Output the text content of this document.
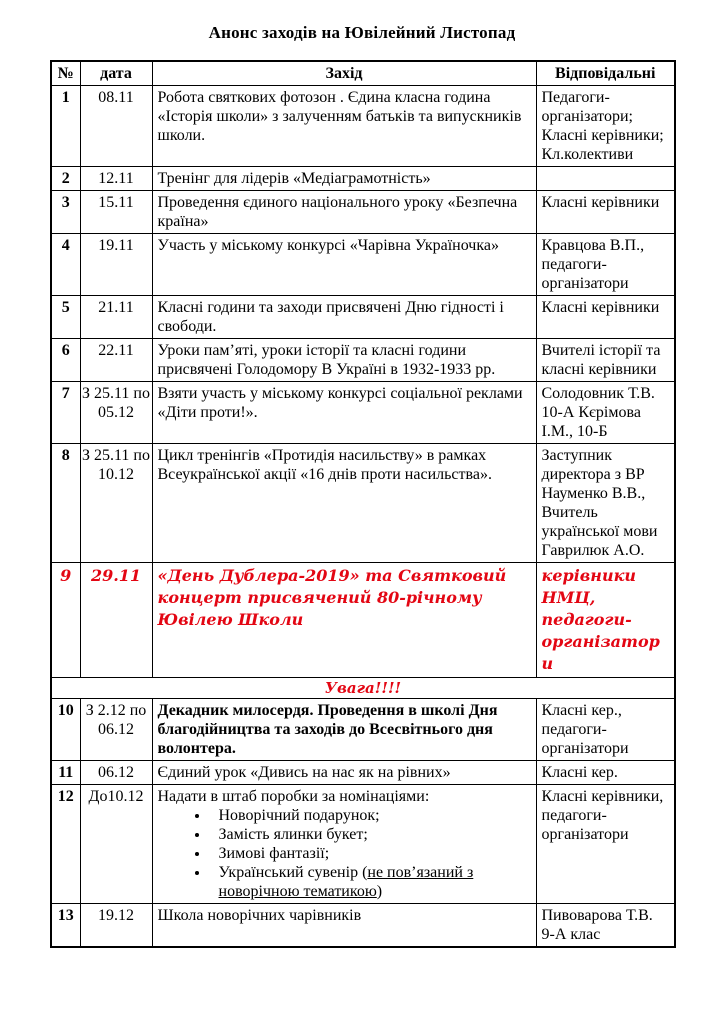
Анонс заходів на Ювілейний Листопад
№	дата	Захід	Відповідальні
1	08.11	Робота святкових фотозон . Єдина класна година «Історія школи» з залученням батьків та випускників школи.	Педагоги-організатори; Класні керівники; Кл.колективи
2	12.11	Тренінг для лідерів «Медіаграмотність»	
3	15.11	Проведення єдиного національного уроку «Безпечна країна»	Класні керівники
4	19.11	Участь у міському конкурсі «Чарівна Україночка»	Кравцова В.П., педагоги-організатори
5	21.11	Класні години та заходи присвячені Дню гідності і свободи.	Класні керівники
6	22.11	Уроки пам’яті, уроки історії та класні години присвячені Голодомору В Україні в 1932-1933 рр.	Вчителі історії та класні керівники
7	З 25.11 по 05.12	Взяти участь у міському конкурсі соціальної реклами «Діти проти!».	Солодовник Т.В. 10-А Кєрімова І.М., 10-Б
8	З 25.11 по 10.12	Цикл тренінгів «Протидія насильству» в рамках Всеукраїнської акції «16 днів проти насильства».	Заступник директора з ВР Науменко В.В., Вчитель української мови Гаврилюк А.О.
9	29.11	«День Дублера-2019» та Святковий концерт присвячений 80-річному Ювілею Школи	керівники НМЦ, педагоги-організатори
Увага!!!!			
10	З 2.12 по 06.12	Декадник милосердя. Проведення в школі Дня благодійництва та заходів до Всесвітнього дня волонтера.	Класні кер., педагоги-організатори
11	06.12	Єдиний урок «Дивись на нас як на рівних»	Класні кер.
12	До10.12	Надати в штаб поробки за номінаціями:

• Новорічний подарунок;
• Замість ялинки букет;
• Зимові фантазії;
• Український сувенір (не пов’язаний з новорічною тематикою)
	Класні керівники, педагоги-організатори
13	19.12	Школа новорічних чарівників	Пивоварова Т.В. 9-А клас
